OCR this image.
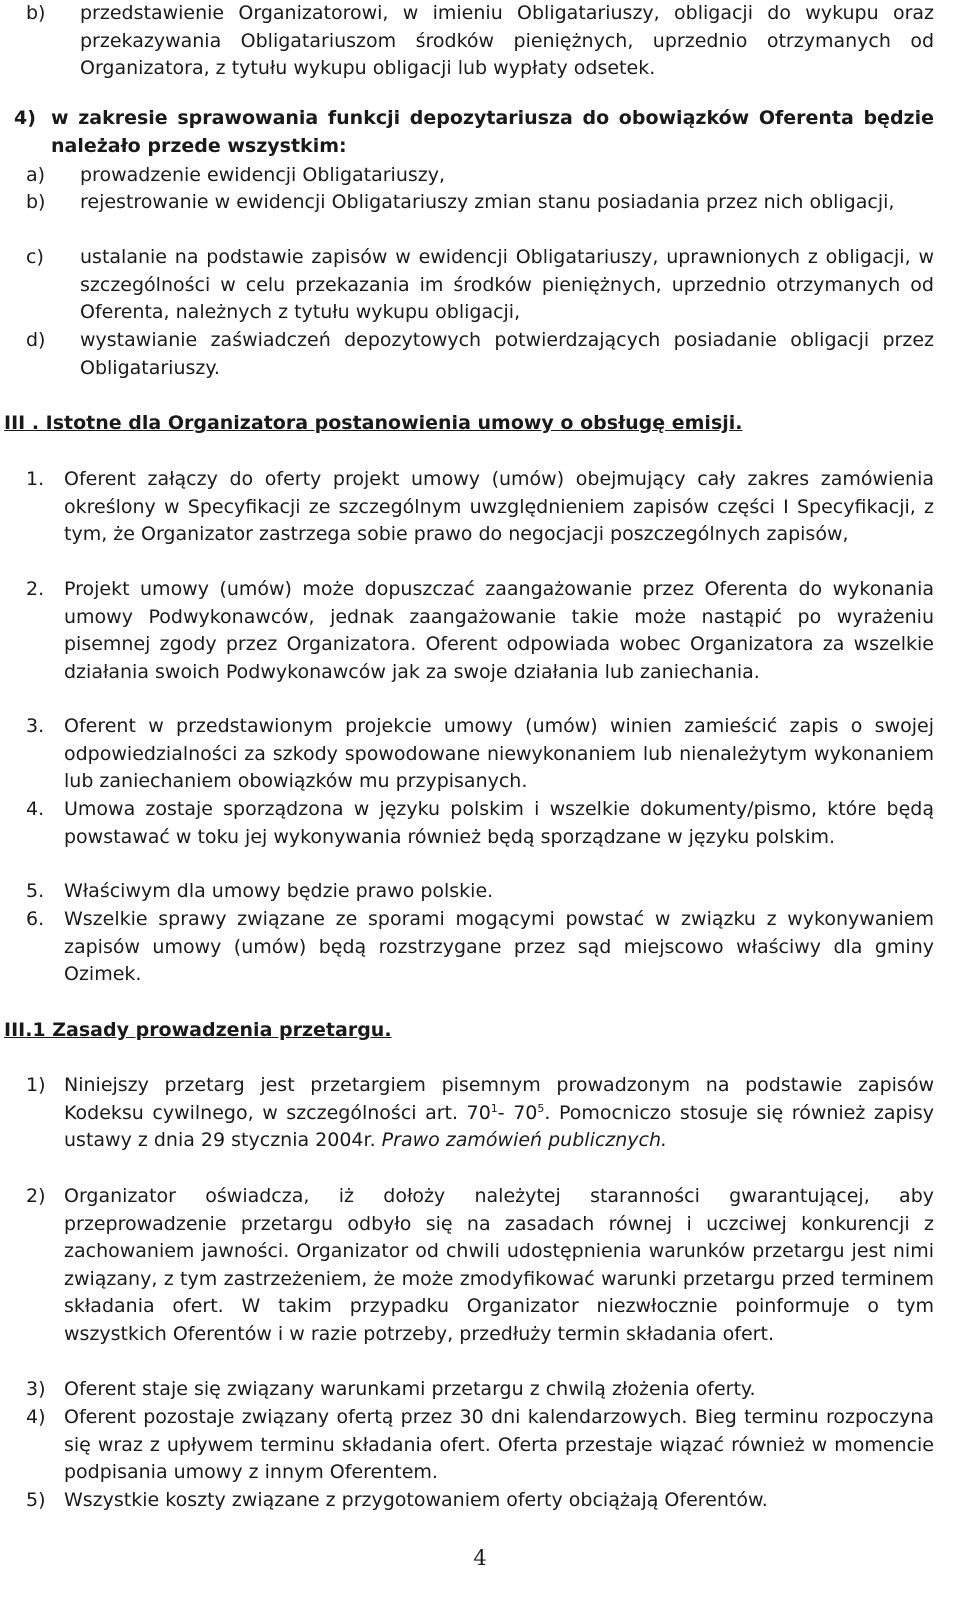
b)	przedstawienie Organizatorowi, w imieniu Obligatariuszy, obligacji do wykupu oraz przekazywania Obligatariuszom środków pieniężnych, uprzednio otrzymanych od Organizatora, z tytułu wykupu obligacji lub wypłaty odsetek.
4) w zakresie sprawowania funkcji depozytariusza do obowiązków Oferenta będzie należało przede wszystkim:
a)	prowadzenie ewidencji Obligatariuszy,
b)	rejestrowanie w ewidencji Obligatariuszy zmian stanu posiadania przez nich obligacji,
c)	ustalanie na podstawie zapisów w ewidencji Obligatariuszy, uprawnionych z obligacji, w szczególności w celu przekazania im środków pieniężnych, uprzednio otrzymanych od Oferenta, należnych z tytułu wykupu obligacji,
d)	wystawianie zaświadczeń depozytowych potwierdzających posiadanie obligacji przez Obligatariuszy.
III . Istotne dla Organizatora postanowienia umowy o obsługę emisji.
1.	Oferent załączy do oferty projekt umowy (umów) obejmujący cały zakres zamówienia określony w Specyfikacji ze szczególnym uwzględnieniem zapisów części I Specyfikacji, z tym, że Organizator zastrzega sobie prawo do negocjacji poszczególnych zapisów,
2.	Projekt umowy (umów) może dopuszczać zaangażowanie przez Oferenta do wykonania umowy Podwykonawców, jednak zaangażowanie takie może nastąpić po wyrażeniu pisemnej zgody przez Organizatora. Oferent odpowiada wobec Organizatora za wszelkie działania swoich Podwykonawców jak za swoje działania lub zaniechania.
3.	Oferent w przedstawionym projekcie umowy (umów) winien zamieścić zapis o swojej odpowiedzialności za szkody spowodowane niewykonaniem lub nienależytym wykonaniem lub zaniechaniem obowiązków mu przypisanych.
4.	Umowa zostaje sporządzona w języku polskim i wszelkie dokumenty/pismo, które będą powstawać w toku jej wykonywania również będą sporządzane w języku polskim.
5.	Właściwym dla umowy będzie prawo polskie.
6.	Wszelkie sprawy związane ze sporami mogącymi powstać w związku z wykonywaniem zapisów umowy (umów) będą rozstrzygane przez sąd miejscowo właściwy dla gminy Ozimek.
III.1 Zasady prowadzenia przetargu.
1) Niniejszy przetarg jest przetargiem pisemnym prowadzonym na podstawie zapisów Kodeksu cywilnego, w szczególności art. $70^1-$ $70^5$. Pomocniczo stosuje się również zapisy ustawy z dnia 29 stycznia 2004r. Prawo zamówień publicznych.
2) Organizator oświadcza, iż dołoży należytej staranności gwarantującej, aby przeprowadzenie przetargu odbyło się na zasadach równej i uczciwej konkurencji z zachowaniem jawności. Organizator od chwili udostępnienia warunków przetargu jest nimi związany, z tym zastrzeżeniem, że może zmodyfikować warunki przetargu przed terminem składania ofert. W takim przypadku Organizator niezwłocznie poinformuje o tym wszystkich Oferentów i w razie potrzeby, przedłuży termin składania ofert.
3) Oferent staje się związany warunkami przetargu z chwilą złożenia oferty.
4) Oferent pozostaje związany ofertą przez 30 dni kalendarzowych. Bieg terminu rozpoczyna się wraz z upływem terminu składania ofert. Oferta przestaje wiązać również w momencie podpisania umowy z innym Oferentem.
5) Wszystkie koszty związane z przygotowaniem oferty obciążają Oferentów.
4
